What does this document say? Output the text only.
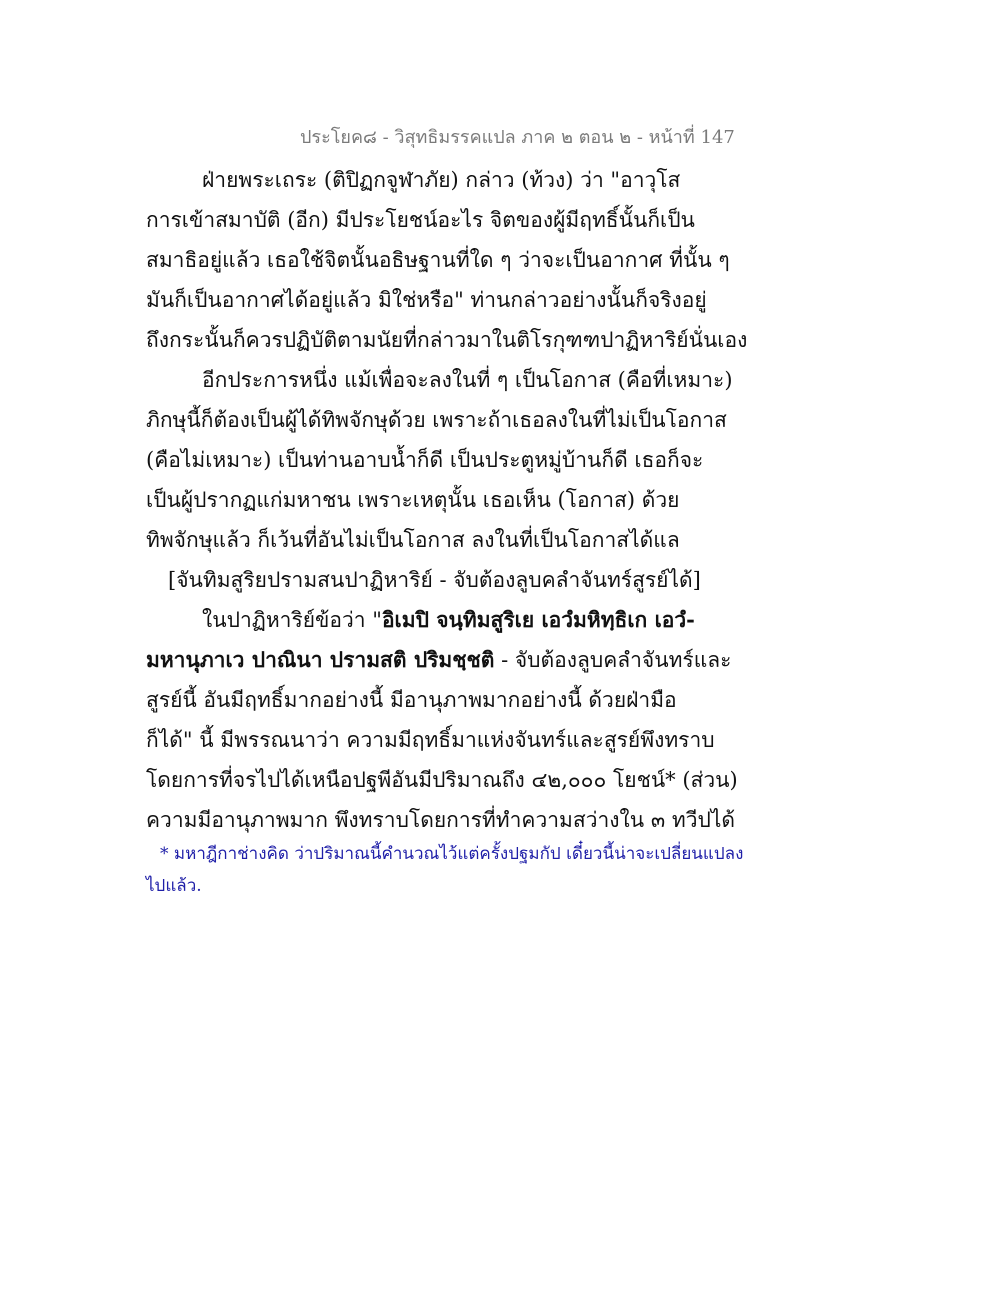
ประโยค๘ - วิสุทธิมรรคแปล ภาค ๒ ตอน ๒ - หน้าที่ 147
ฝ่ายพระเถระ (ติปิฏกจูฬาภัย) กล่าว (ท้วง) ว่า "อาวุโส
การเข้าสมาบัติ (อีก) มีประโยชน์อะไร จิตของผู้มีฤทธิ์นั้นก็เป็น
สมาธิอยู่แล้ว เธอใช้จิตนั้นอธิษฐานที่ใด ๆ ว่าจะเป็นอากาศ ที่นั้น ๆ
มันก็เป็นอากาศได้อยู่แล้ว มิใช่หรือ" ท่านกล่าวอย่างนั้นก็จริงอยู่
ถึงกระนั้นก็ควรปฏิบัติตามนัยที่กล่าวมาในติโรกุฑฑปาฏิหาริย์นั่นเอง
อีกประการหนึ่ง แม้เพื่อจะลงในที่ ๆ เป็นโอกาส (คือที่เหมาะ)
ภิกษุนี้ก็ต้องเป็นผู้ได้ทิพจักษุด้วย เพราะถ้าเธอลงในที่ไม่เป็นโอกาส
(คือไม่เหมาะ) เป็นท่านอาบน้ำก็ดี เป็นประตูหมู่บ้านก็ดี เธอก็จะ
เป็นผู้ปรากฏแก่มหาชน เพราะเหตุนั้น เธอเห็น (โอกาส) ด้วย
ทิพจักษุแล้ว ก็เว้นที่อันไม่เป็นโอกาส ลงในที่เป็นโอกาสได้แล
[จันทิมสูริยปรามสนปาฏิหาริย์ - จับต้องลูบคลำจันทร์สูรย์ได้]
ในปาฏิหาริย์ข้อว่า "อิเมปิ จนฺทิมสูริเย เอวํมหิทฺธิเก เอวํ-
มหานุภาเว ปาณินา ปรามสติ ปริมชฺชติ - จับต้องลูบคลำจันทร์และ
สูรย์นี้ อันมีฤทธิ์มากอย่างนี้ มีอานุภาพมากอย่างนี้ ด้วยฝ่ามือ
ก็ได้" นี้ มีพรรณนาว่า ความมีฤทธิ์มาแห่งจันทร์และสูรย์พึงทราบ
โดยการที่จรไปได้เหนือปฐพีอันมีปริมาณถึง ๔๒,๐๐๐ โยชน์* (ส่วน)
ความมีอานุภาพมาก พึงทราบโดยการที่ทำความสว่างใน ๓ ทวีปได้
* มหาฎีกาช่างคิด ว่าปริมาณนี้คำนวณไว้แต่ครั้งปฐมกัป เดี๋ยวนี้น่าจะเปลี่ยนแปลง
ไปแล้ว.
